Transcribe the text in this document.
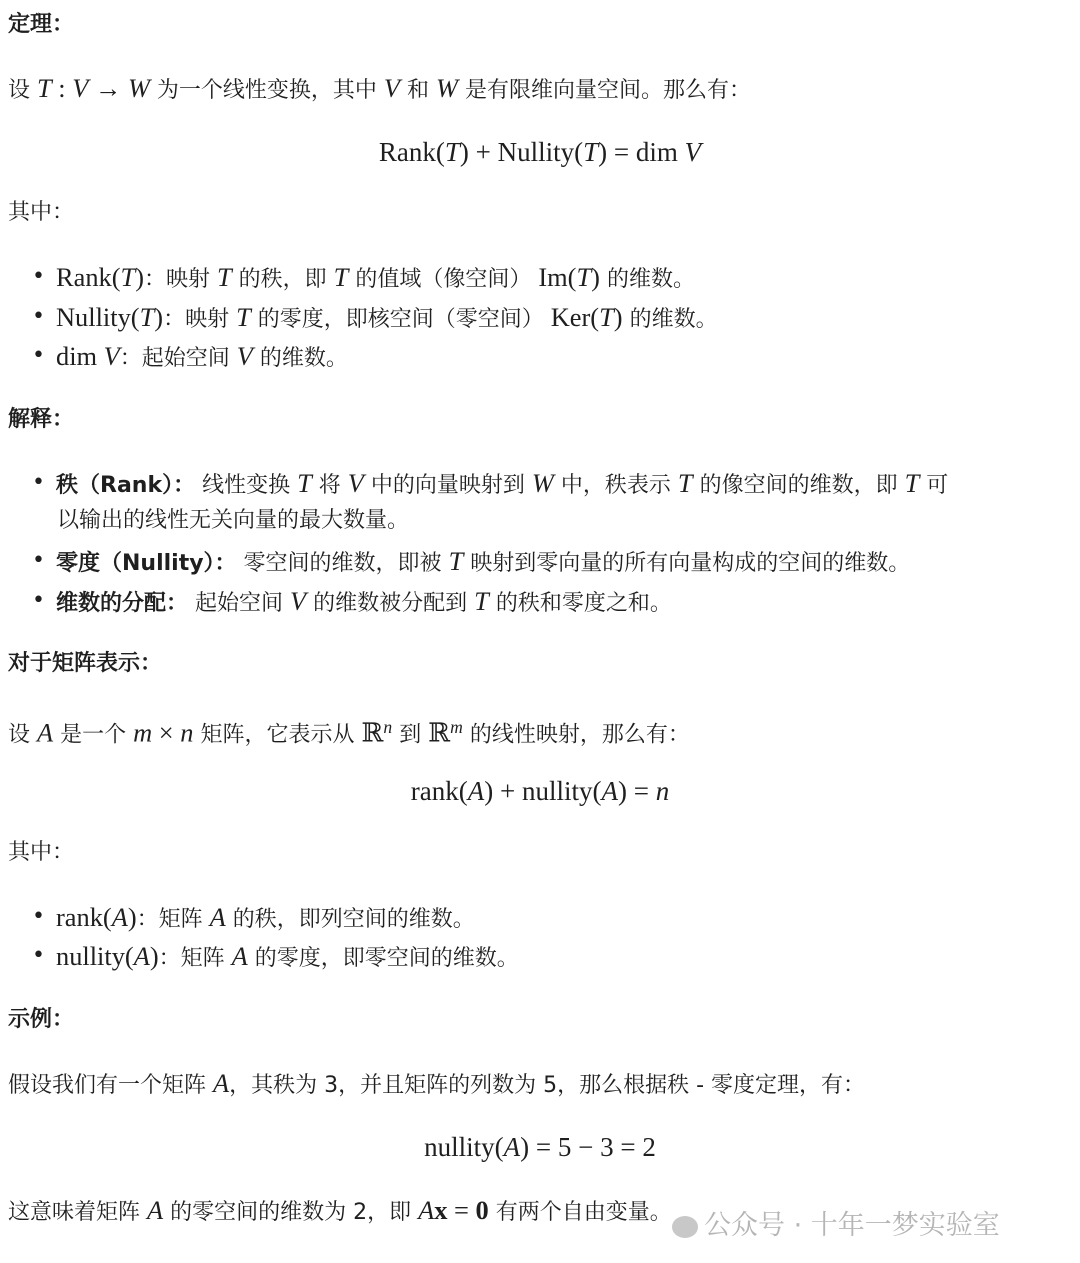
定理：
设 T : V → W 为一个线性变换，其中 V 和 W 是有限维向量空间。那么有：
Rank(T) + Nullity(T) = dim V
其中：
• Rank(T)：映射 T 的秩，即 T 的值域（像空间） Im(T) 的维数。
• Nullity(T)：映射 T 的零度，即核空间（零空间） Ker(T) 的维数。
• dim V：起始空间 V 的维数。
解释：
• 秩（Rank）： 线性变换 T 将 V 中的向量映射到 W 中，秩表示 T 的像空间的维数，即 T 可
以输出的线性无关向量的最大数量。
• 零度（Nullity）： 零空间的维数，即被 T 映射到零向量的所有向量构成的空间的维数。
• 维数的分配： 起始空间 V 的维数被分配到 T 的秩和零度之和。
对于矩阵表示：
设 A 是一个 m × n 矩阵，它表示从 ℝ$^n$ 到 ℝ$^m$ 的线性映射，那么有：
rank(A) + nullity(A) = n
其中：
• rank(A)：矩阵 A 的秩，即列空间的维数。
• nullity(A)：矩阵 A 的零度，即零空间的维数。
示例：
假设我们有一个矩阵 A，其秩为 3，并且矩阵的列数为 5，那么根据秩 - 零度定理，有：
nullity(A) = 5 − 3 = 2
这意味着矩阵 A 的零空间的维数为 2，即 Ax = 0 有两个自由变量。	公众号 · 十年一梦实验室
